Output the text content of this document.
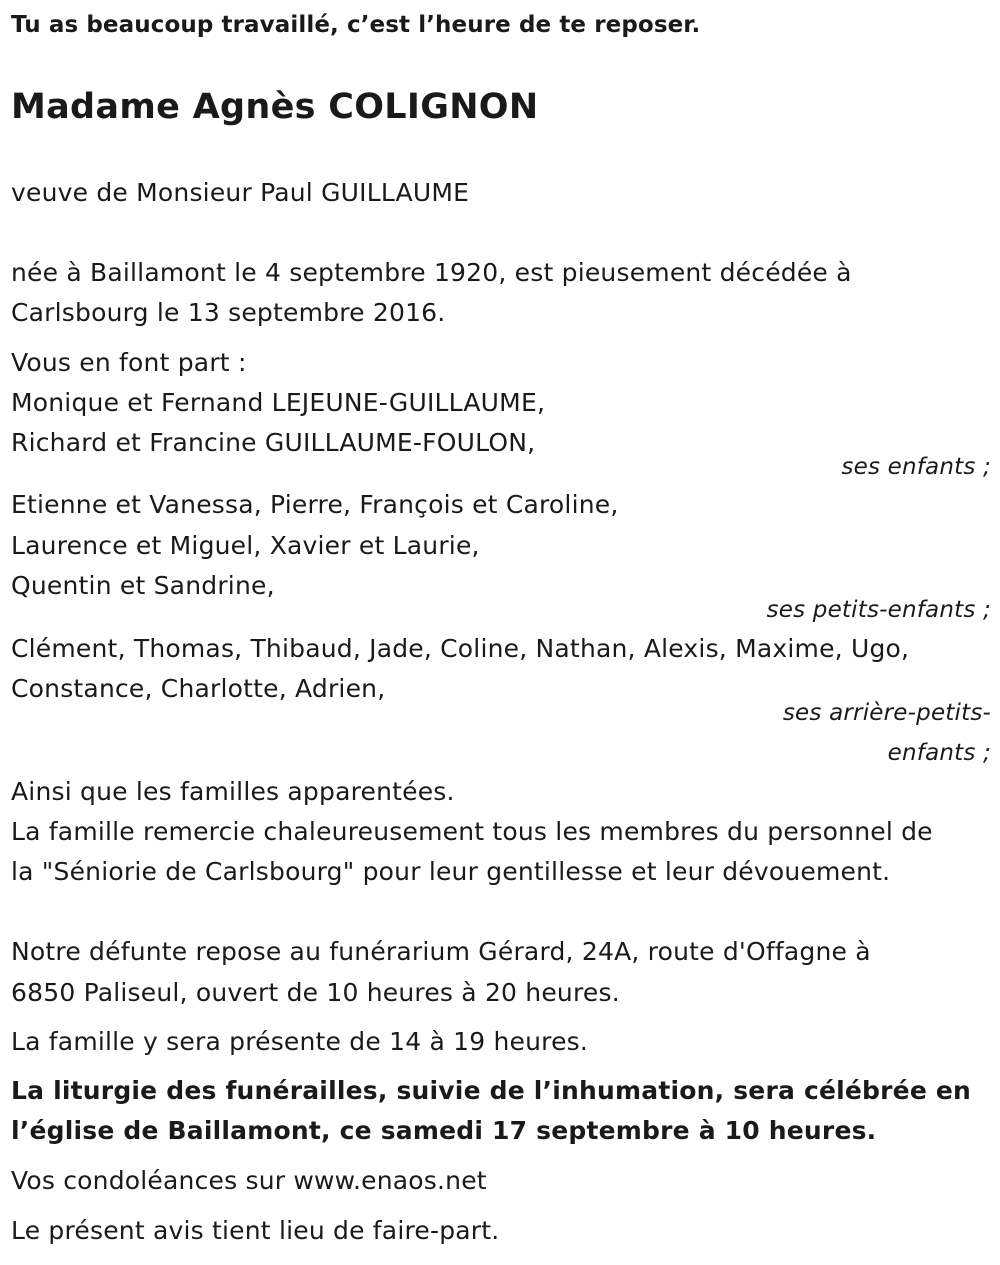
Tu as beaucoup travaillé, c’est l’heure de te reposer.
Madame Agnès COLIGNON
veuve de Monsieur Paul GUILLAUME
née à Baillamont le 4 septembre 1920, est pieusement décédée à
Carlsbourg le 13 septembre 2016.
Vous en font part :
Monique et Fernand LEJEUNE-GUILLAUME,
Richard et Francine GUILLAUME-FOULON,
ses enfants ;
Etienne et Vanessa, Pierre, François et Caroline,
Laurence et Miguel, Xavier et Laurie,
Quentin et Sandrine,
ses petits-enfants ;
Clément, Thomas, Thibaud, Jade, Coline, Nathan, Alexis, Maxime, Ugo,
Constance, Charlotte, Adrien,
ses arrière-petits-
enfants ;
Ainsi que les familles apparentées.
La famille remercie chaleureusement tous les membres du personnel de
la "Séniorie de Carlsbourg" pour leur gentillesse et leur dévouement.
Notre défunte repose au funérarium Gérard, 24A, route d'Offagne à
6850 Paliseul, ouvert de 10 heures à 20 heures.
La famille y sera présente de 14 à 19 heures.
La liturgie des funérailles, suivie de l’inhumation, sera célébrée en
l’église de Baillamont, ce samedi 17 septembre à 10 heures.
Vos condoléances sur www.enaos.net
Le présent avis tient lieu de faire-part.
